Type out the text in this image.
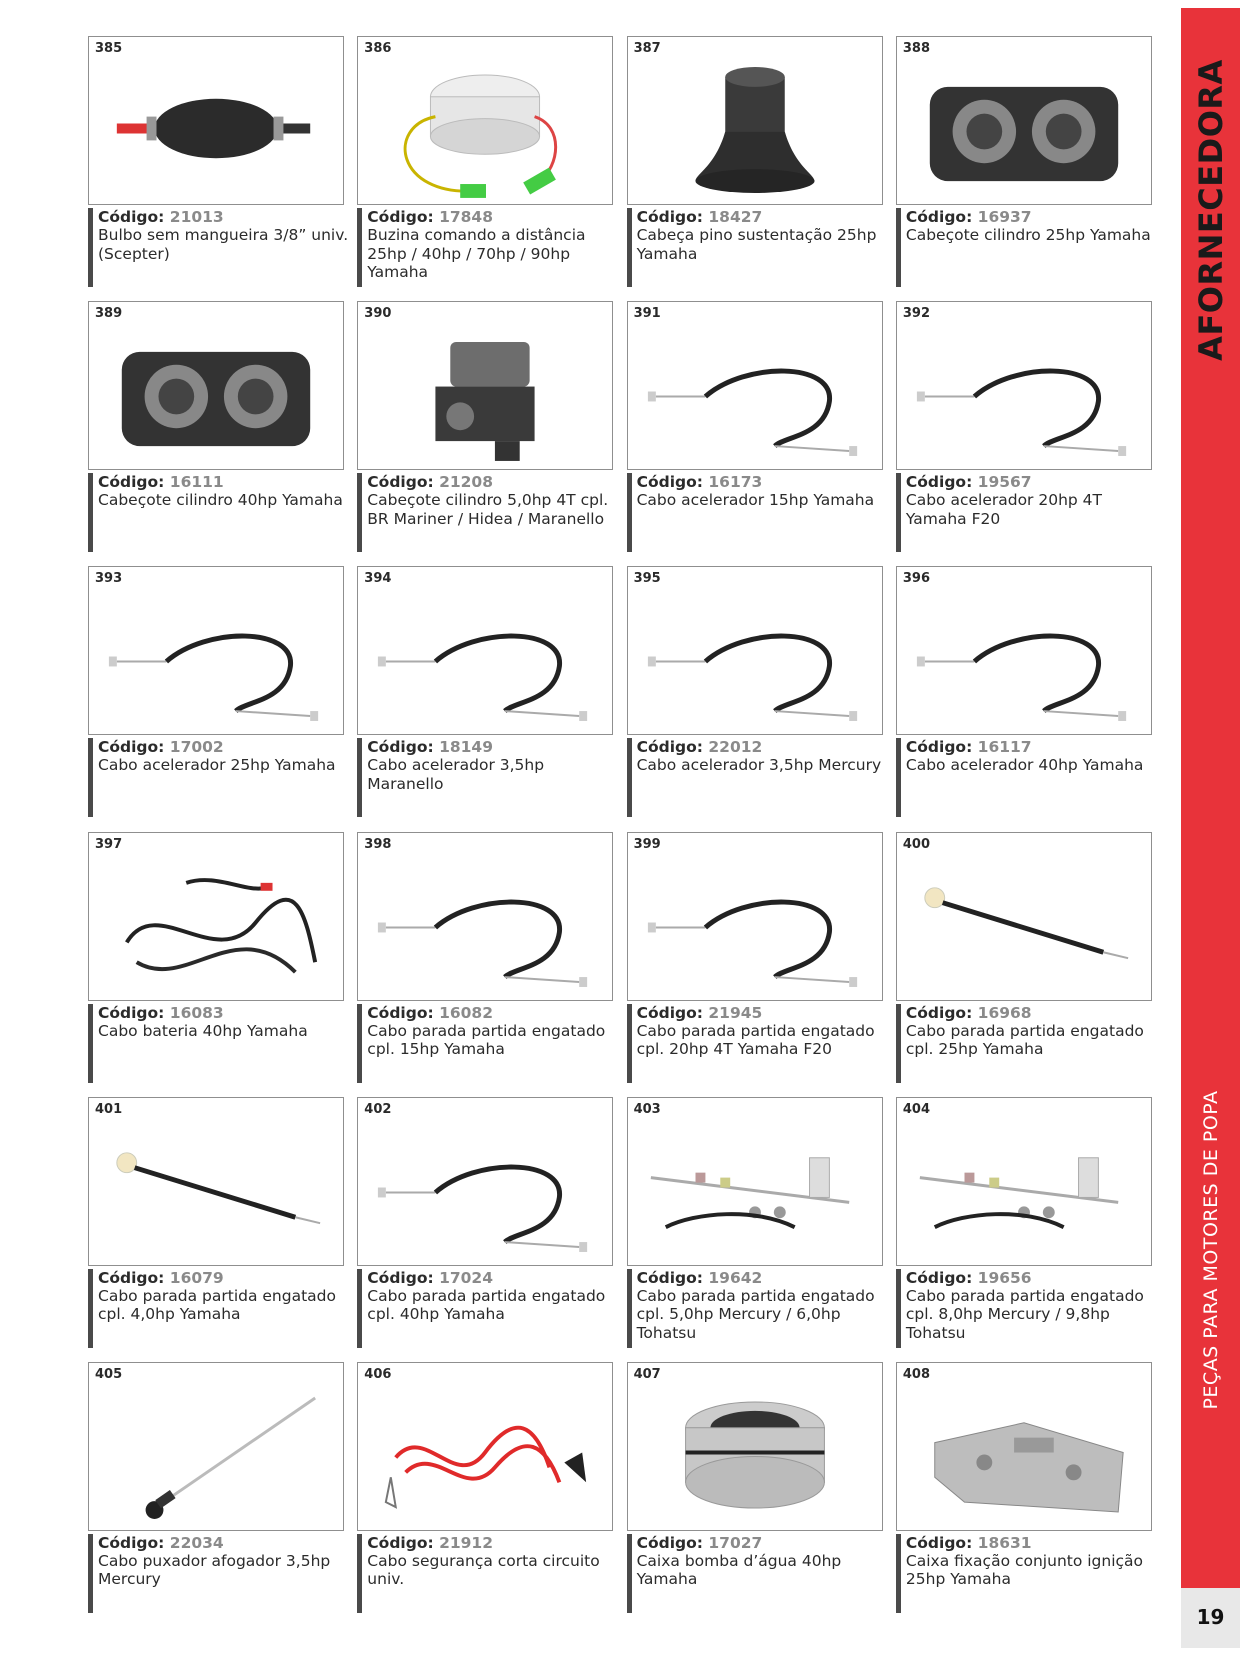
385
Código: 21013
Bulbo sem mangueira 3/8” univ. (Scepter)
386
Código: 17848
Buzina comando a distância 25hp / 40hp / 70hp / 90hp Yamaha
387
Código: 18427
Cabeça pino sustentação 25hp Yamaha
388
Código: 16937
Cabeçote cilindro 25hp Yamaha
389
Código: 16111
Cabeçote cilindro 40hp Yamaha
390
Código: 21208
Cabeçote cilindro 5,0hp 4T cpl. BR Mariner / Hidea / Maranello
391
Código: 16173
Cabo acelerador 15hp Yamaha
392
Código: 19567
Cabo acelerador 20hp 4T Yamaha F20
393
Código: 17002
Cabo acelerador 25hp Yamaha
394
Código: 18149
Cabo acelerador 3,5hp Maranello
395
Código: 22012
Cabo acelerador 3,5hp Mercury
396
Código: 16117
Cabo acelerador 40hp Yamaha
397
Código: 16083
Cabo bateria 40hp Yamaha
398
Código: 16082
Cabo parada partida engatado cpl. 15hp Yamaha
399
Código: 21945
Cabo parada partida engatado cpl. 20hp 4T Yamaha F20
400
Código: 16968
Cabo parada partida engatado cpl. 25hp Yamaha
401
Código: 16079
Cabo parada partida engatado cpl. 4,0hp Yamaha
402
Código: 17024
Cabo parada partida engatado cpl. 40hp Yamaha
403
Código: 19642
Cabo parada partida engatado cpl. 5,0hp Mercury / 6,0hp Tohatsu
404
Código: 19656
Cabo parada partida engatado cpl. 8,0hp Mercury / 9,8hp Tohatsu
405
Código: 22034
Cabo puxador afogador 3,5hp Mercury
406
Código: 21912
Cabo segurança corta circuito univ.
407
Código: 17027
Caixa bomba d’água 40hp Yamaha
408
Código: 18631
Caixa fixação conjunto ignição 25hp Yamaha
AFORNECEDORA
PEÇAS PARA MOTORES DE POPA
19
